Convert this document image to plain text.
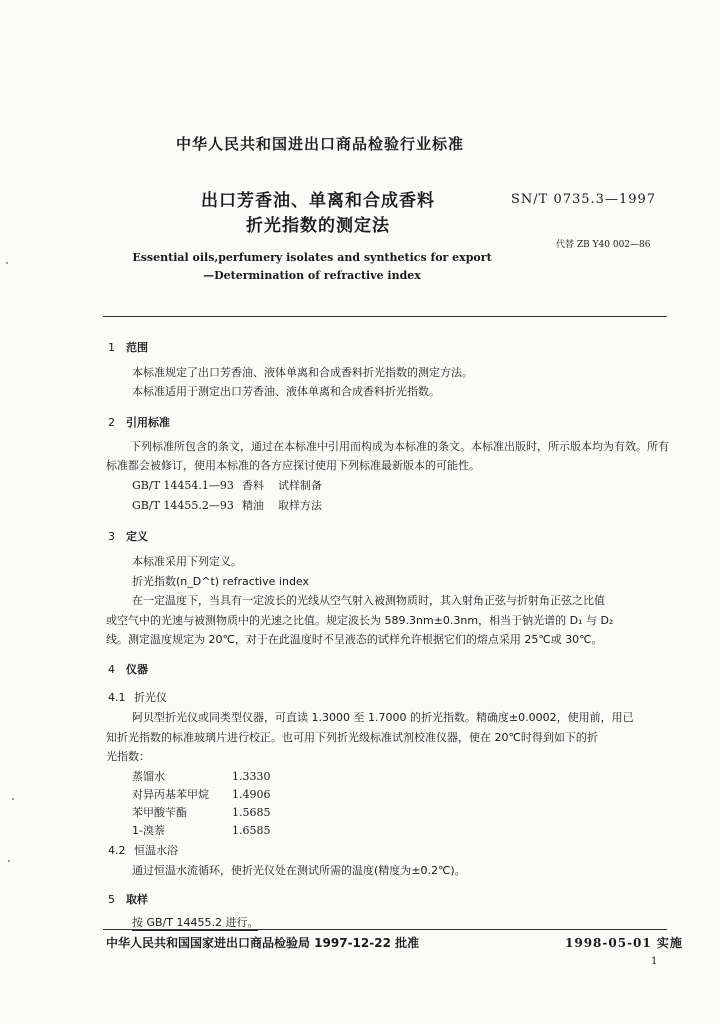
中华人民共和国进出口商品检验行业标准
出口芳香油、单离和合成香料
折光指数的测定法
SN/T 0735.3—1997
代替 ZB Y40 002—86
Essential oils,perfumery isolates and synthetics for export
—Determination of refractive index
1 范围
本标准规定了出口芳香油、液体单离和合成香料折光指数的测定方法。
本标准适用于测定出口芳香油、液体单离和合成香料折光指数。
2 引用标准
下列标准所包含的条文，通过在本标准中引用而构成为本标准的条文。本标准出版时，所示版本均为有效。所有标准都会被修订，使用本标准的各方应探讨使用下列标准最新版本的可能性。
GB/T 14454.1—93 香料 试样制备
GB/T 14455.2—93 精油 取样方法
3 定义
本标准采用下列定义。
折光指数(n_D^t) refractive index
在一定温度下，当具有一定波长的光线从空气射入被测物质时，其入射角正弦与折射角正弦之比值
或空气中的光速与被测物质中的光速之比值。规定波长为 589.3nm±0.3nm，相当于钠光谱的 D₁ 与 D₂
线。测定温度规定为 20℃，对于在此温度时不呈液态的试样允许根据它们的熔点采用 25℃或 30℃。
4 仪器
4.1 折光仪
阿贝型折光仪或同类型仪器，可直读 1.3000 至 1.7000 的折光指数。精确度±0.0002，使用前，用已
知折光指数的标准玻璃片进行校正。也可用下列折光级标准试剂校准仪器，使在 20℃时得到如下的折
光指数：
蒸馏水	1.3330
对异丙基苯甲烷 1.4906
苯甲酸苄酯	1.5685
1-溴萘	1.6585
4.2 恒温水浴
通过恒温水流循环，使折光仪处在测试所需的温度(精度为±0.2℃)。
5 取样
按 GB/T 14455.2 进行。
中华人民共和国国家进出口商品检验局 1997-12-22 批准	1998-05-01 实施
1
